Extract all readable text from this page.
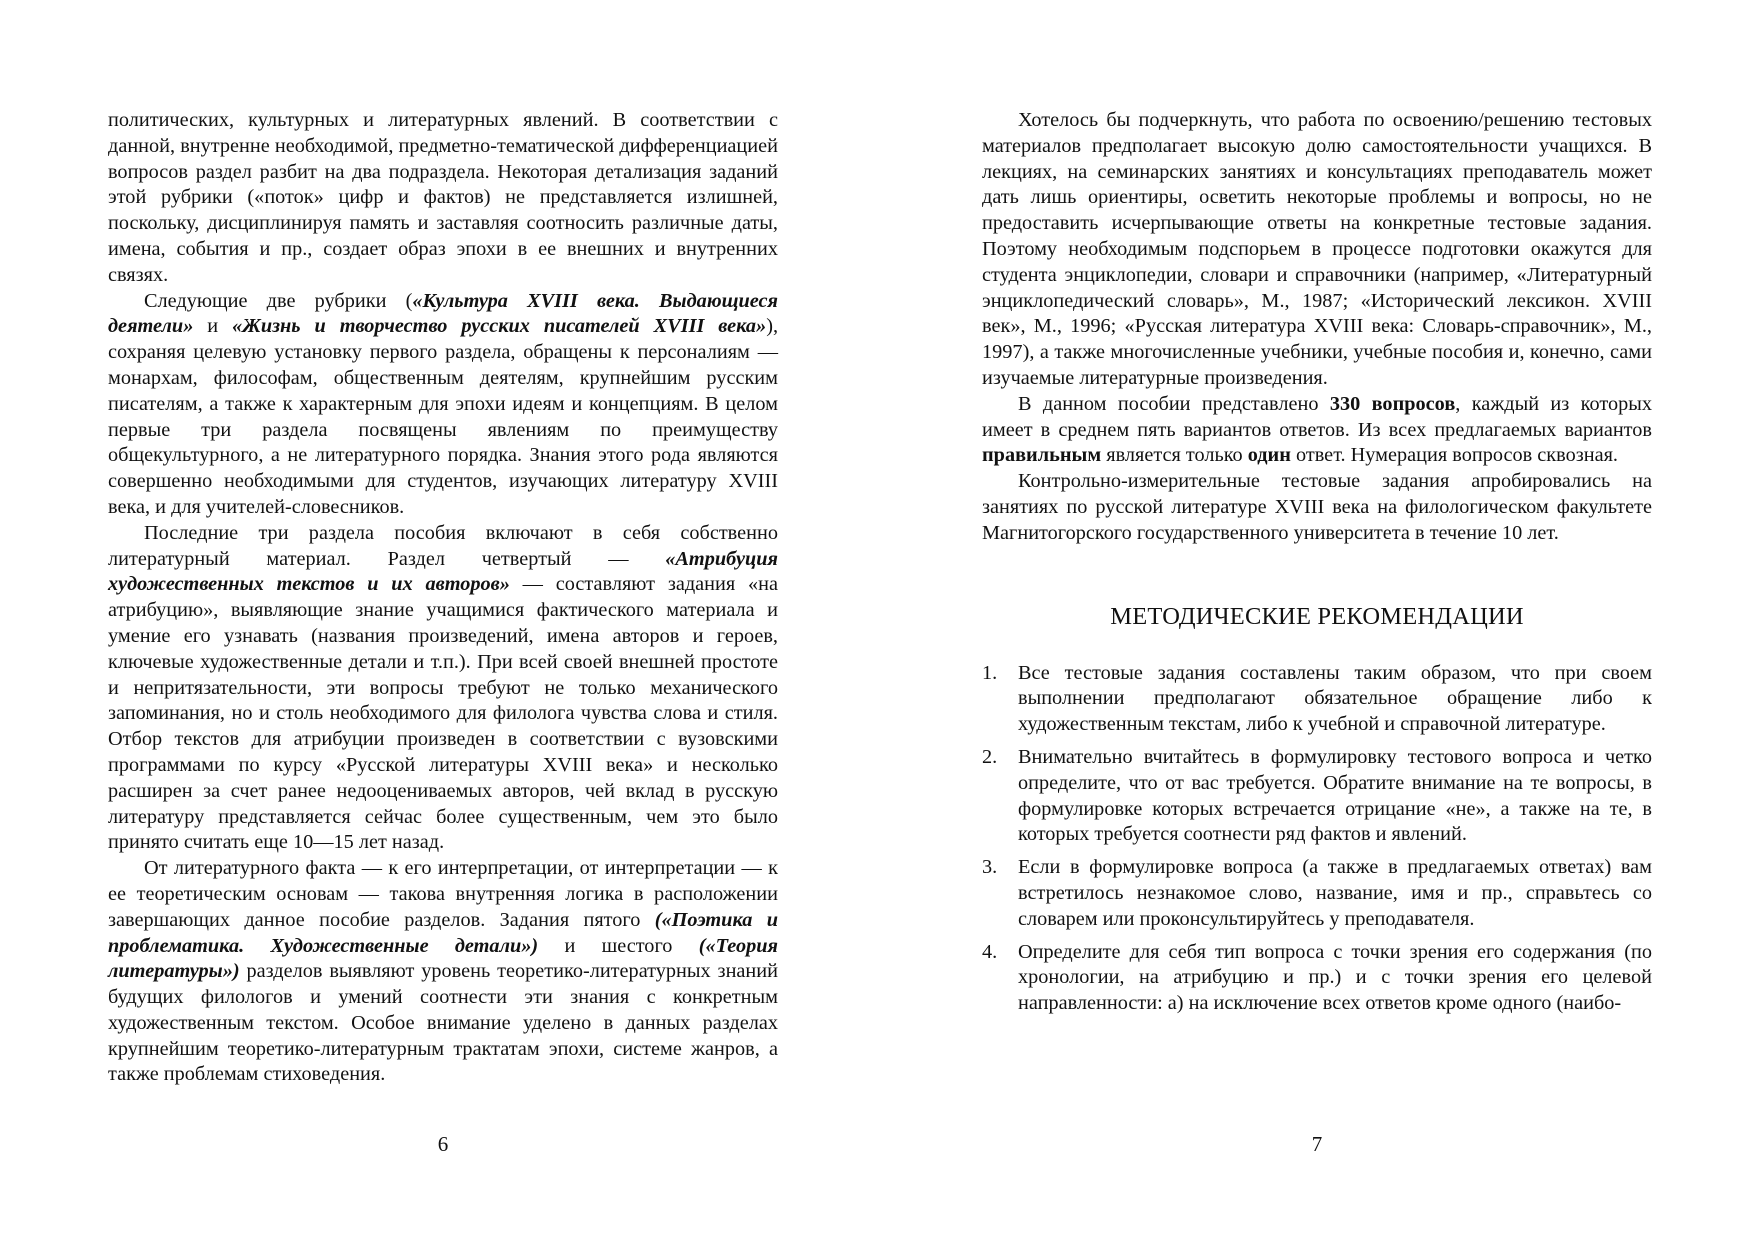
политических, культурных и литературных явлений. В соответствии с данной, внутренне необходимой, предметно-тематической дифференциацией вопросов раздел разбит на два подраздела. Некоторая детализация заданий этой рубрики («поток» цифр и фактов) не представляется излишней, поскольку, дисциплинируя память и заставляя соотносить различные даты, имена, события и пр., создает образ эпохи в ее внешних и внутренних связях.

Следующие две рубрики («Культура XVIII века. Выдающиеся деятели» и «Жизнь и творчество русских писателей XVIII века»), сохраняя целевую установку первого раздела, обращены к персоналиям — монархам, философам, общественным деятелям, крупнейшим русским писателям, а также к характерным для эпохи идеям и концепциям. В целом первые три раздела посвящены явлениям по преимуществу общекультурного, а не литературного порядка. Знания этого рода являются совершенно необходимыми для студентов, изучающих литературу XVIII века, и для учителей-словесников.

Последние три раздела пособия включают в себя собственно литературный материал. Раздел четвертый — «Атрибуция художественных текстов и их авторов» — составляют задания «на атрибуцию», выявляющие знание учащимися фактического материала и умение его узнавать (названия произведений, имена авторов и героев, ключевые художественные детали и т.п.). При всей своей внешней простоте и непритязательности, эти вопросы требуют не только механического запоминания, но и столь необходимого для филолога чувства слова и стиля. Отбор текстов для атрибуции произведен в соответствии с вузовскими программами по курсу «Русской литературы XVIII века» и несколько расширен за счет ранее недооцениваемых авторов, чей вклад в русскую литературу представляется сейчас более существенным, чем это было принято считать еще 10—15 лет назад.

От литературного факта — к его интерпретации, от интерпретации — к ее теоретическим основам — такова внутренняя логика в расположении завершающих данное пособие разделов. Задания пятого («Поэтика и проблематика. Художественные детали») и шестого («Теория литературы») разделов выявляют уровень теоретико-литературных знаний будущих филологов и умений соотнести эти знания с конкретным художественным текстом. Особое внимание уделено в данных разделах крупнейшим теоретико-литературным трактатам эпохи, системе жанров, а также проблемам стиховедения.

6

Хотелось бы подчеркнуть, что работа по освоению/решению тестовых материалов предполагает высокую долю самостоятельности учащихся. В лекциях, на семинарских занятиях и консультациях преподаватель может дать лишь ориентиры, осветить некоторые проблемы и вопросы, но не предоставить исчерпывающие ответы на конкретные тестовые задания. Поэтому необходимым подспорьем в процессе подготовки окажутся для студента энциклопедии, словари и справочники (например, «Литературный энциклопедический словарь», М., 1987; «Исторический лексикон. XVIII век», М., 1996; «Русская литература XVIII века: Словарь-справочник», М., 1997), а также многочисленные учебники, учебные пособия и, конечно, сами изучаемые литературные произведения.

В данном пособии представлено 330 вопросов, каждый из которых имеет в среднем пять вариантов ответов. Из всех предлагаемых вариантов правильным является только один ответ. Нумерация вопросов сквозная.

Контрольно-измерительные тестовые задания апробировались на занятиях по русской литературе XVIII века на филологическом факультете Магнитогорского государственного университета в течение 10 лет.

МЕТОДИЧЕСКИЕ РЕКОМЕНДАЦИИ
1. Все тестовые задания составлены таким образом, что при своем выполнении предполагают обязательное обращение либо к художественным текстам, либо к учебной и справочной литературе.
2. Внимательно вчитайтесь в формулировку тестового вопроса и четко определите, что от вас требуется. Обратите внимание на те вопросы, в формулировке которых встречается отрицание «не», а также на те, в которых требуется соотнести ряд фактов и явлений.
3. Если в формулировке вопроса (а также в предлагаемых ответах) вам встретилось незнакомое слово, название, имя и пр., справьтесь со словарем или проконсультируйтесь у преподавателя.
4. Определите для себя тип вопроса с точки зрения его содержания (по хронологии, на атрибуцию и пр.) и с точки зрения его целевой направленности: а) на исключение всех ответов кроме одного (наибо-
7
